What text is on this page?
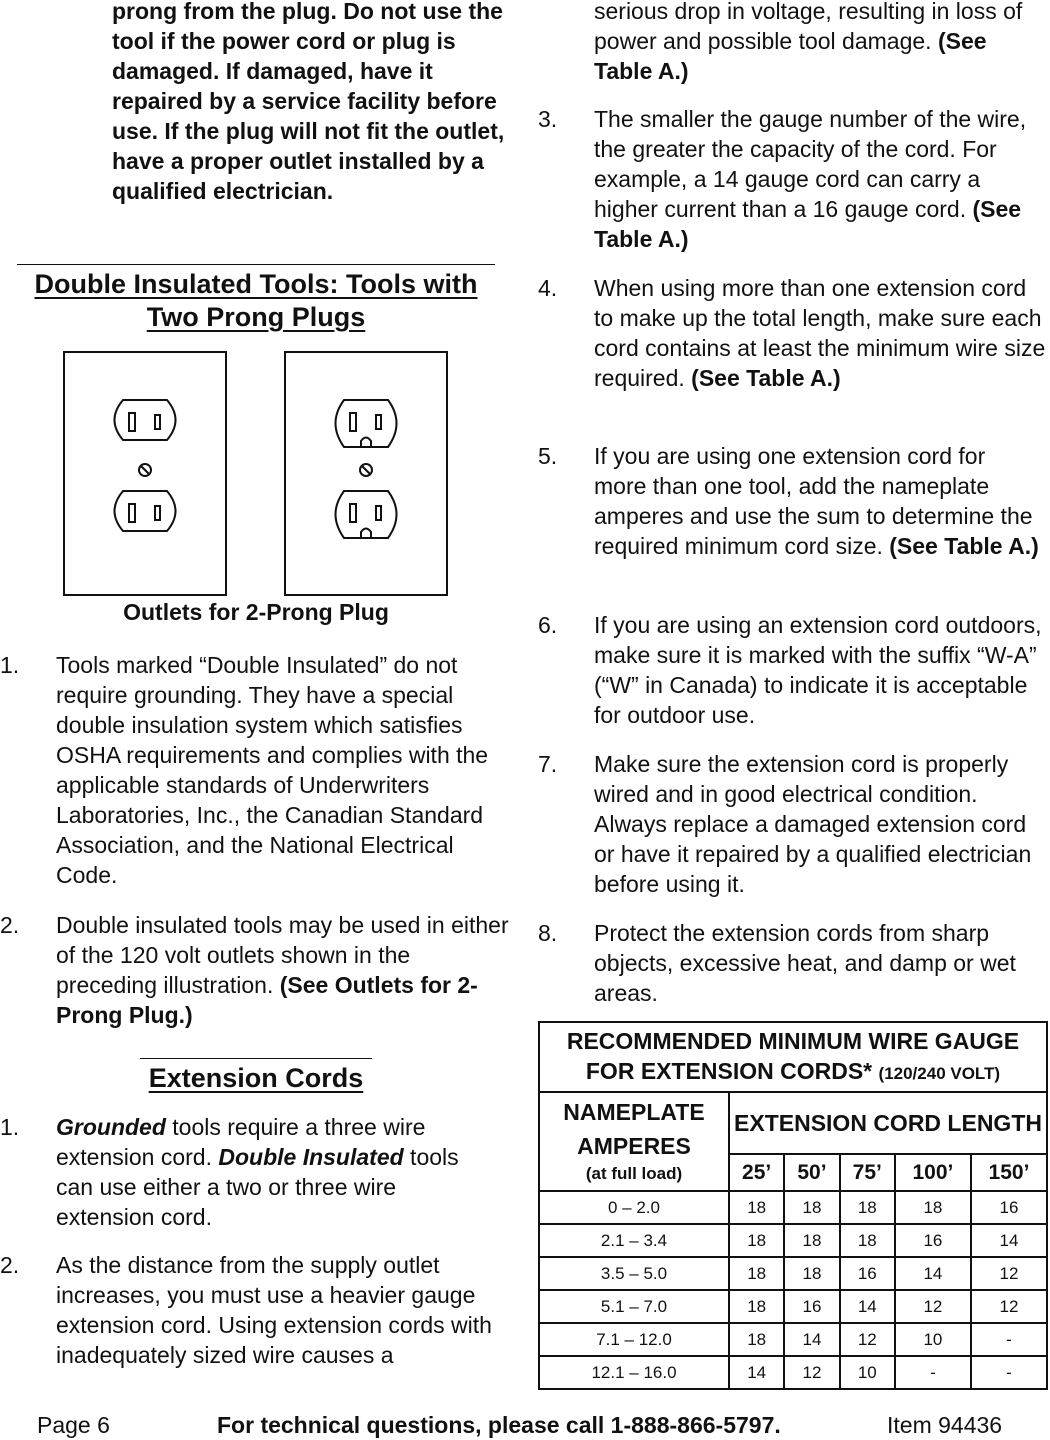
prong from the plug. Do not use the tool if the power cord or plug is damaged. If damaged, have it repaired by a service facility before use. If the plug will not fit the outlet, have a proper outlet installed by a qualified electrician.
Double Insulated Tools: Tools with
Two Prong Plugs
Outlets for 2-Prong Plug
1. Tools marked “Double Insulated” do not require grounding. They have a special double insulation system which satisfies OSHA requirements and complies with the applicable standards of Underwriters Laboratories, Inc., the Canadian Standard Association, and the National Electrical Code.
2. Double insulated tools may be used in either of the 120 volt outlets shown in the preceding illustration. (See Outlets for 2-Prong Plug.)
Extension Cords
1. Grounded tools require a three wire extension cord. Double Insulated tools can use either a two or three wire extension cord.
2. As the distance from the supply outlet increases, you must use a heavier gauge extension cord. Using extension cords with inadequately sized wire causes a
serious drop in voltage, resulting in loss of power and possible tool damage. (See Table A.)
3. The smaller the gauge number of the wire, the greater the capacity of the cord. For example, a 14 gauge cord can carry a higher current than a 16 gauge cord. (See Table A.)
4. When using more than one extension cord to make up the total length, make sure each cord contains at least the minimum wire size required. (See Table A.)
5. If you are using one extension cord for more than one tool, add the nameplate amperes and use the sum to determine the required minimum cord size. (See Table A.)
6. If you are using an extension cord outdoors, make sure it is marked with the suffix “W-A” (“W” in Canada) to indicate it is acceptable for outdoor use.
7. Make sure the extension cord is properly wired and in good electrical condition. Always replace a damaged extension cord or have it repaired by a qualified electrician before using it.
8. Protect the extension cords from sharp objects, excessive heat, and damp or wet areas.
RECOMMENDED MINIMUM WIRE GAUGE
FOR EXTENSION CORDS* (120/240 VOLT)					
NAMEPLATE
AMPERES
(at full load)	EXTENSION CORD LENGTH				
	25’	50’	75’	100’	150’
0 – 2.0	18	18	18	18	16
2.1 – 3.4	18	18	18	16	14
3.5 – 5.0	18	18	16	14	12
5.1 – 7.0	18	16	14	12	12
7.1 – 12.0	18	14	12	10	-
12.1 – 16.0	14	12	10	-	-
Page 6	For technical questions, please call 1-888-866-5797.	Item 94436
